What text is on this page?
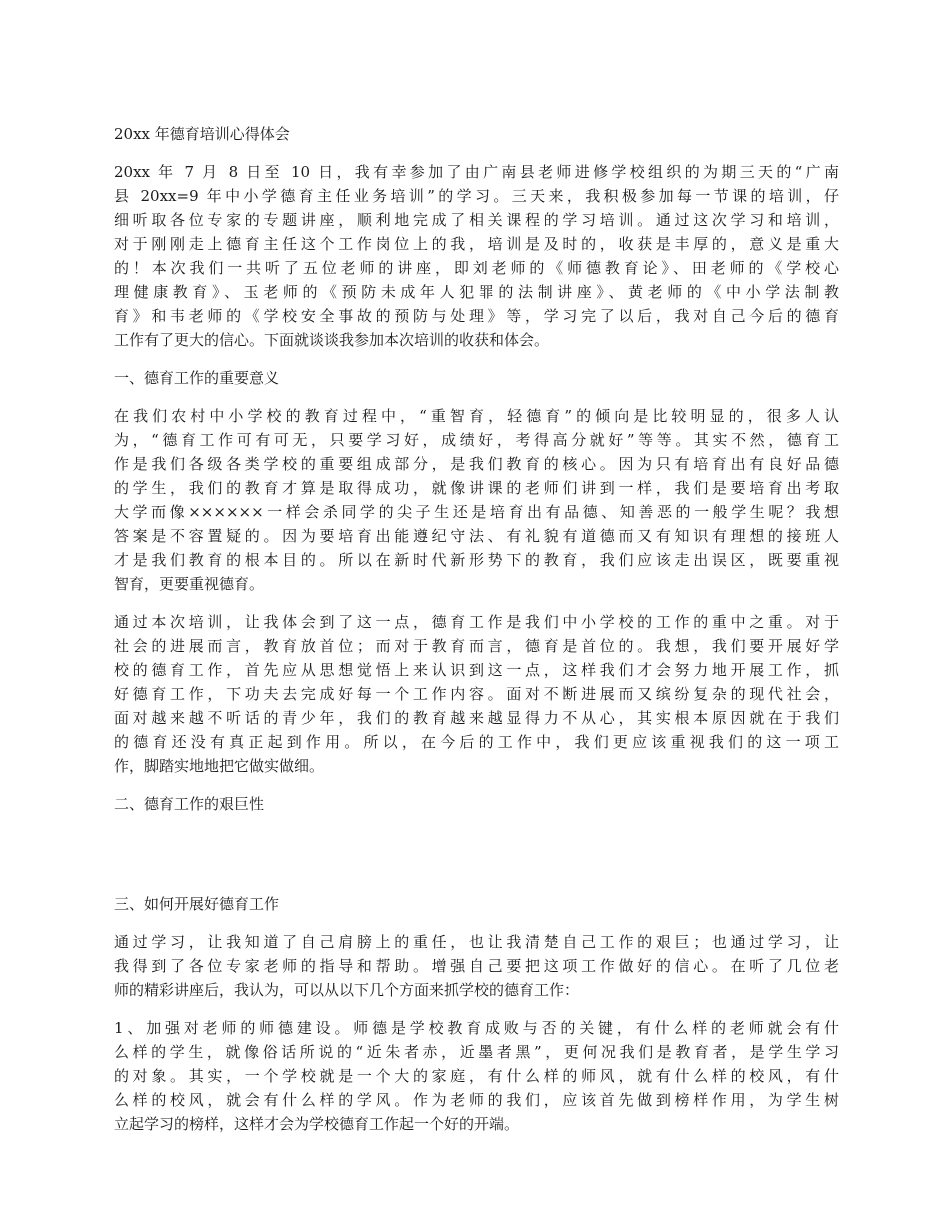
20xx 年德育培训心得体会
20xx 年 7 月 8 日至 10 日，我有幸参加了由广南县老师进修学校组织的为期三天的“广南
县 20xx=9 年中小学德育主任业务培训”的学习。三天来，我积极参加每一节课的培训，仔
细听取各位专家的专题讲座，顺利地完成了相关课程的学习培训。通过这次学习和培训，
对于刚刚走上德育主任这个工作岗位上的我，培训是及时的，收获是丰厚的，意义是重大
的！本次我们一共听了五位老师的讲座，即刘老师的《师德教育论》、田老师的《学校心
理健康教育》、玉老师的《预防未成年人犯罪的法制讲座》、黄老师的《中小学法制教
育》和韦老师的《学校安全事故的预防与处理》等，学习完了以后，我对自己今后的德育
工作有了更大的信心。下面就谈谈我参加本次培训的收获和体会。
一、德育工作的重要意义
在我们农村中小学校的教育过程中，“重智育，轻德育”的倾向是比较明显的，很多人认
为，“德育工作可有可无，只要学习好，成绩好，考得高分就好”等等。其实不然，德育工
作是我们各级各类学校的重要组成部分，是我们教育的核心。因为只有培育出有良好品德
的学生，我们的教育才算是取得成功，就像讲课的老师们讲到一样，我们是要培育出考取
大学而像××××××一样会杀同学的尖子生还是培育出有品德、知善恶的一般学生呢？我想
答案是不容置疑的。因为要培育出能遵纪守法、有礼貌有道德而又有知识有理想的接班人
才是我们教育的根本目的。所以在新时代新形势下的教育，我们应该走出误区，既要重视
智育，更要重视德育。
通过本次培训，让我体会到了这一点，德育工作是我们中小学校的工作的重中之重。对于
社会的进展而言，教育放首位；而对于教育而言，德育是首位的。我想，我们要开展好学
校的德育工作，首先应从思想觉悟上来认识到这一点，这样我们才会努力地开展工作，抓
好德育工作，下功夫去完成好每一个工作内容。面对不断进展而又缤纷复杂的现代社会，
面对越来越不听话的青少年，我们的教育越来越显得力不从心，其实根本原因就在于我们
的德育还没有真正起到作用。所以，在今后的工作中，我们更应该重视我们的这一项工
作，脚踏实地地把它做实做细。
二、德育工作的艰巨性
三、如何开展好德育工作
通过学习，让我知道了自己肩膀上的重任，也让我清楚自己工作的艰巨；也通过学习，让
我得到了各位专家老师的指导和帮助。增强自己要把这项工作做好的信心。在听了几位老
师的精彩讲座后，我认为，可以从以下几个方面来抓学校的德育工作：
1、加强对老师的师德建设。师德是学校教育成败与否的关键，有什么样的老师就会有什
么样的学生，就像俗话所说的“近朱者赤，近墨者黑”，更何况我们是教育者，是学生学习
的对象。其实，一个学校就是一个大的家庭，有什么样的师风，就有什么样的校风，有什
么样的校风，就会有什么样的学风。作为老师的我们，应该首先做到榜样作用，为学生树
立起学习的榜样，这样才会为学校德育工作起一个好的开端。
